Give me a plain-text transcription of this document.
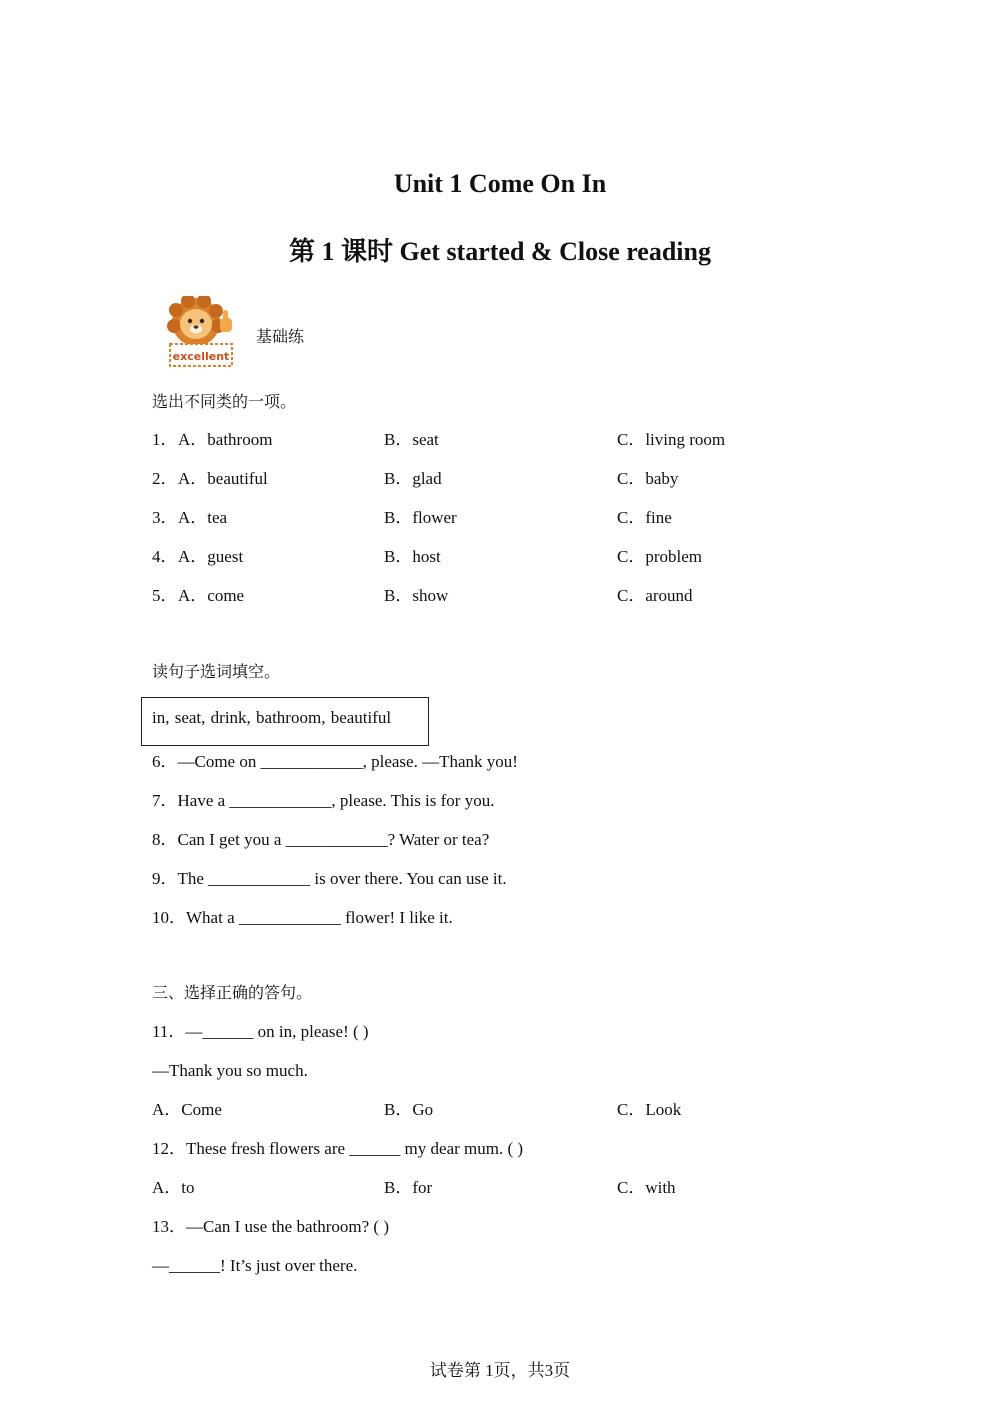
Unit 1 Come On In
第 1 课时 Get started & Close reading
excellent
基础练
选出不同类的一项。
1． A．bathroom	B．seat	C．living room
2． A．beautiful	B．glad	C．baby
3． A．tea	B．flower	C．fine
4． A．guest	B．host	C．problem
5． A．come	B．show	C．around
读句子选词填空。
in, seat, drink, bathroom, beautiful
6．—Come on ____________, please. —Thank you!
7．Have a ____________, please. This is for you.
8．Can I get you a ____________? Water or tea?
9．The ____________ is over there. You can use it.
10．What a ____________ flower! I like it.
三、选择正确的答句。
11．—______ on in, please! ( )
—Thank you so much.
A．Come	B．Go	C．Look
12．These fresh flowers are ______ my dear mum. ( )
A．to	B．for	C．with
13．—Can I use the bathroom? ( )
—______! It’s just over there.
试卷第 1页，共3页
